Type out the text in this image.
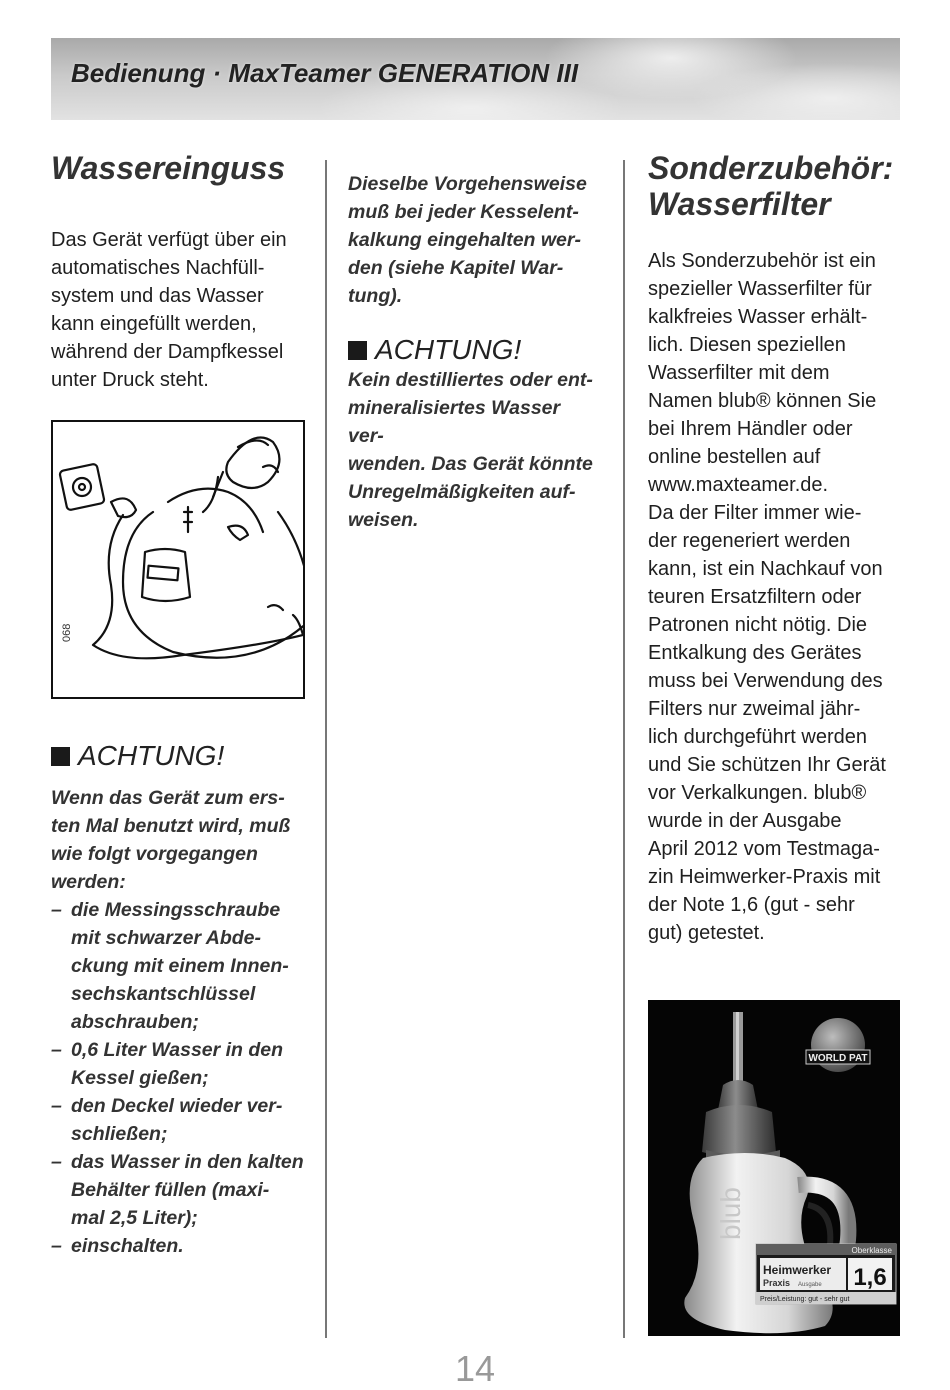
Bedienung · MaxTeamer GENERATION III
Wassereinguss

Das Gerät verfügt über ein
automatisches Nachfüll-
system und das Wasser
kann eingefüllt werden,
während der Dampfkessel
unter Druck steht.

068
ACHTUNG!

Wenn das Gerät zum ers-
ten Mal benutzt wird, muß
wie folgt vorgegangen
werden:

– die Messingsschraube
mit schwarzer Abde-
ckung mit einem Innen-
sechskantschlüssel
abschrauben;
– 0,6 Liter Wasser in den
Kessel gießen;
– den Deckel wieder ver-
schließen;
– das Wasser in den kalten
Behälter füllen (maxi-
mal 2,5 Liter);
– einschalten.

Dieselbe Vorgehensweise
muß bei jeder Kesselent-
kalkung eingehalten wer-
den (siehe Kapitel War-
tung).

ACHTUNG!

Kein destilliertes oder ent-
mineralisiertes Wasser ver-
wenden. Das Gerät könnte
Unregelmäßigkeiten auf-
weisen.

Sonderzubehör:
Wasserfilter

Als Sonderzubehör ist ein
spezieller Wasserfilter für
kalkfreies Wasser erhält-
lich. Diesen speziellen
Wasserfilter mit dem
Namen blub® können Sie
bei Ihrem Händler oder
online bestellen auf
www.maxteamer.de.
Da der Filter immer wie-
der regeneriert werden
kann, ist ein Nachkauf von
teuren Ersatzfiltern oder
Patronen nicht nötig. Die
Entkalkung des Gerätes
muss bei Verwendung des
Filters nur zweimal jähr-
lich durchgeführt werden
und Sie schützen Ihr Gerät
vor Verkalkungen. blub®
wurde in der Ausgabe
April 2012 vom Testmaga-
zin Heimwerker-Praxis mit
der Note 1,6 (gut - sehr
gut) getestet.

WORLD PAT
blub
Oberklasse
Heimwerker
Praxis Ausgabe 1,6
Preis/Leistung: gut - sehr gut
14
